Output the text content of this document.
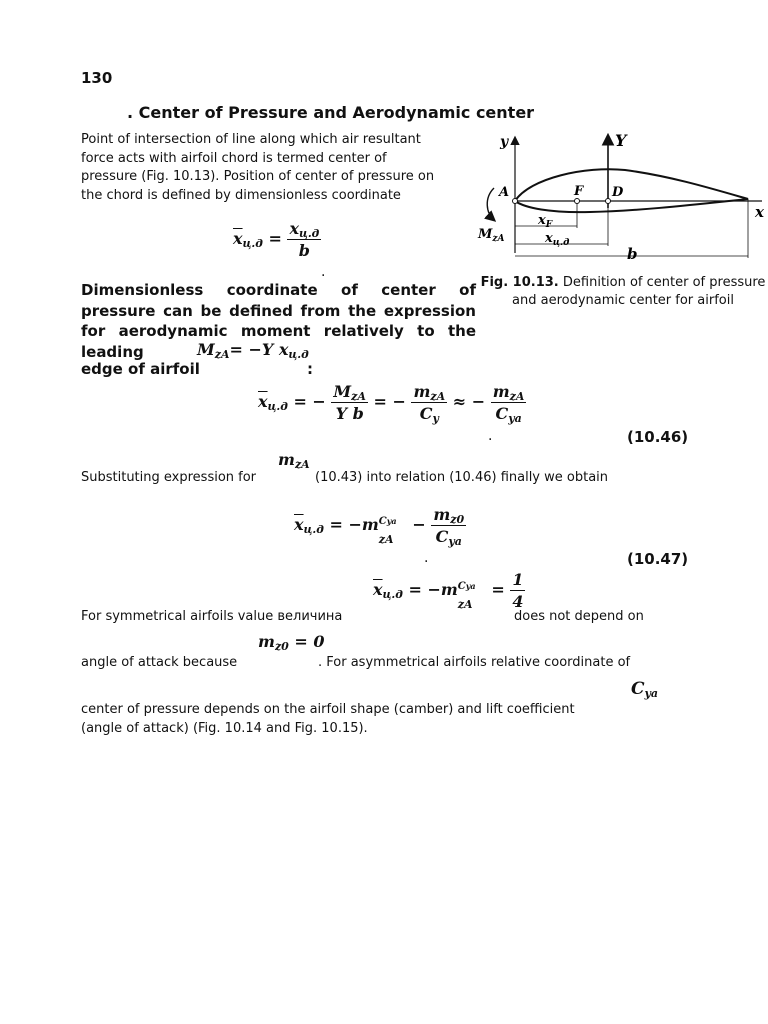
130
. Center of Pressure and Aerodynamic center
Point of intersection of line along which air resultant
force acts with airfoil chord is termed center of
pressure (Fig. 10.13). Position of center of pressure on
the chord is defined by dimensionless coordinate
$\overline{x}ц.д = \frac{xц.д}{b}$
.
Dimensionless coordinate of center of pressure can be defined from the expression for aerodynamic moment relatively to the leading	MzA= −Y xц.д
edge of airfoil	:
$\overline{x}ц.д$ = − $\frac{\text{MzA}}{\text{Y b}}$ = − $\frac{\text{mzA}}{Cy}$ ≈ − $\frac{\text{mzA}}{\text{Cya}}$
.	(10.46)
mzA
Substituting expression for	(10.43) into relation (10.46) finally we obtain
$\overline{x}ц.д = -m$ Cya
zA
− $\frac{mz0}{\text{Cya}}$
.	(10.47)
$\overline{x}ц.д = -m$ Cya
zA
= $\frac{1}{4}$
For symmetrical airfoils value величина	does not depend on
mz0 = 0
angle of attack because	. For asymmetrical airfoils relative coordinate of
Cya
center of pressure depends on the airfoil shape (camber) and lift coefficient
(angle of attack) (Fig. 10.14 and Fig. 10.15).
y	Y
A	F D
x
$M_{zA}$
$x_F$
$x_{ц.д}$
b
Fig. 10.13. Definition of center of pressure and aerodynamic center for airfoil
